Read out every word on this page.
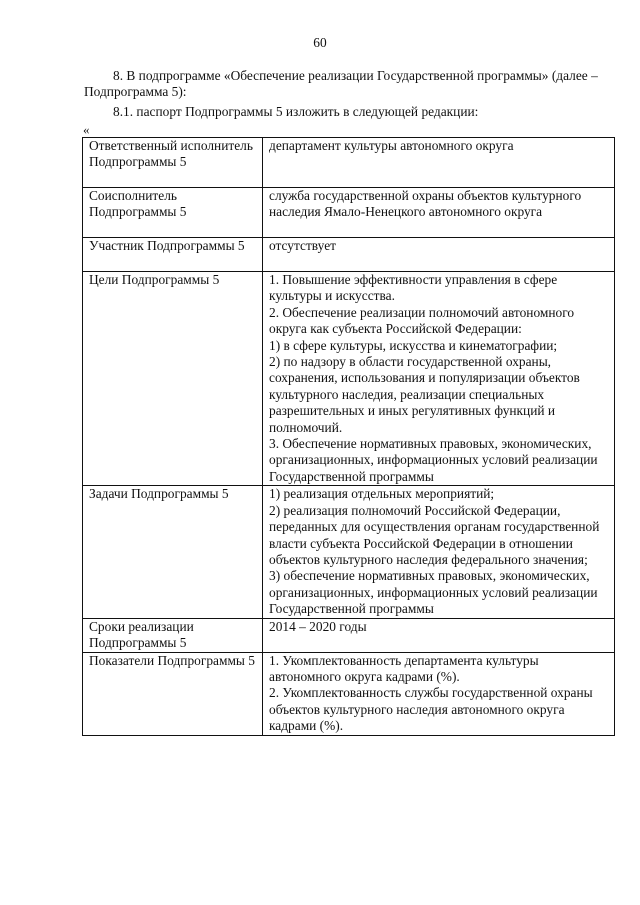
60
8. В подпрограмме «Обеспечение реализации Государственной программы» (далее – Подпрограмма 5):
8.1. паспорт Подпрограммы 5 изложить в следующей редакции:
«
Ответственный исполнитель Подпрограммы 5	департамент культуры автономного округа

Соисполнитель Подпрограммы 5	служба государственной охраны объектов культурного наследия Ямало-Ненецкого автономного округа

Участник Подпрограммы 5	отсутствует

Цели Подпрограммы 5	1. Повышение эффективности управления в сфере культуры и искусства.
2. Обеспечение реализации полномочий автономного округа как субъекта Российской Федерации:
1) в сфере культуры, искусства и кинематографии;
2) по надзору в области государственной охраны, сохранения, использования и популяризации объектов культурного наследия, реализации специальных разрешительных и иных регулятивных функций и полномочий.
3. Обеспечение нормативных правовых, экономических, организационных, информационных условий реализации Государственной программы

Задачи Подпрограммы 5	1) реализация отдельных мероприятий;
2) реализация полномочий Российской Федерации, переданных для осуществления органам государственной власти субъекта Российской Федерации в отношении объектов культурного наследия федерального значения;
3) обеспечение нормативных правовых, экономических, организационных, информационных условий реализации Государственной программы

Сроки реализации Подпрограммы 5	2014 – 2020 годы

Показатели Подпрограммы 5	1. Укомплектованность департамента культуры автономного округа кадрами (%).
2. Укомплектованность службы государственной охраны объектов культурного наследия автономного округа кадрами (%).
